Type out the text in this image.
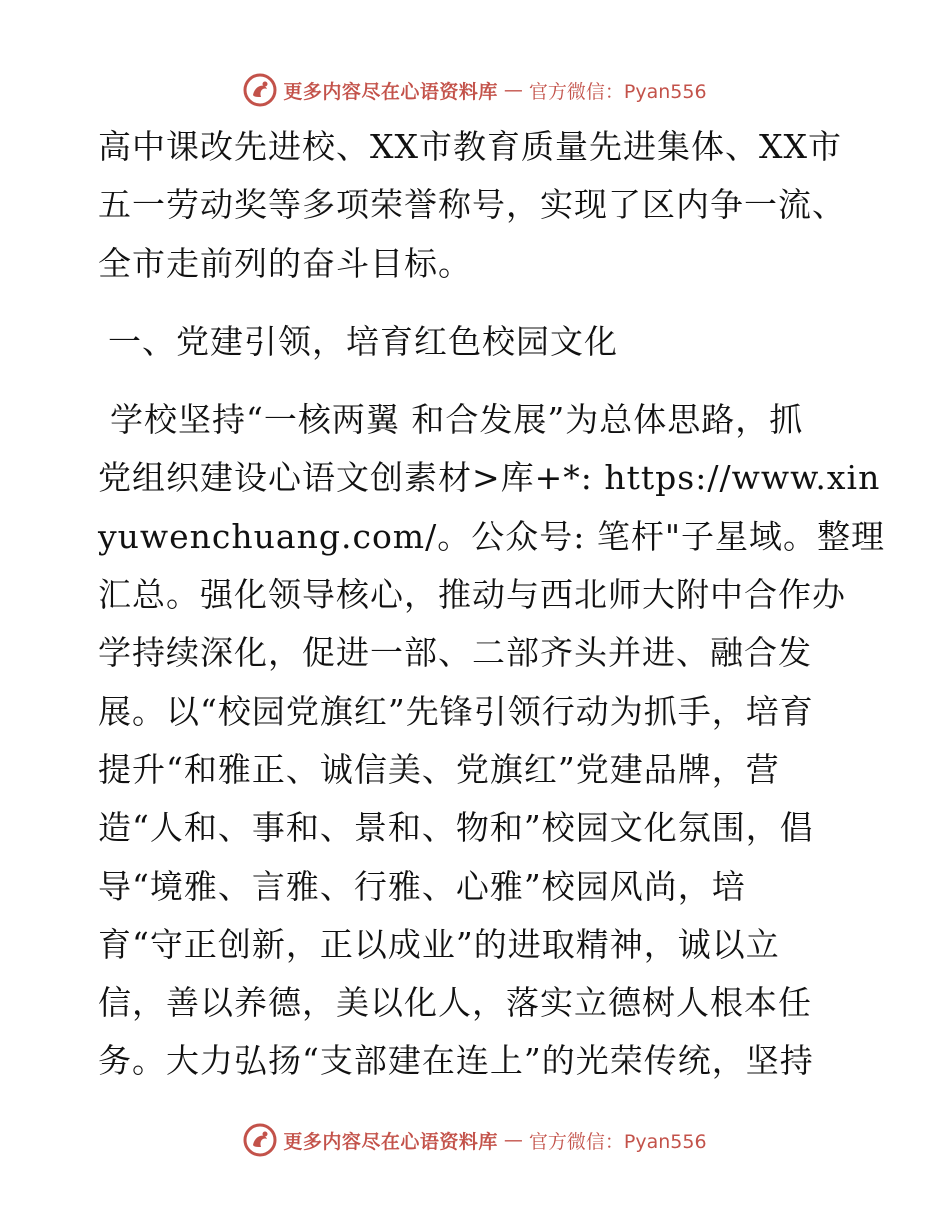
更多内容尽在心语资料库 — 官方微信：Pyan556
高中课改先进校、XX市教育质量先进集体、XX市
五一劳动奖等多项荣誉称号，实现了区内争一流、
全市走前列的奋斗目标。
一、党建引领，培育红色校园文化
学校坚持“一核两翼 和合发展”为总体思路，抓
党组织建设心语文创素材>库+*: https://www.xin
yuwenchuang.com/。公众号: 笔杆"子星域。整理
汇总。强化领导核心，推动与西北师大附中合作办
学持续深化，促进一部、二部齐头并进、融合发
展。以“校园党旗红”先锋引领行动为抓手，培育
提升“和雅正、诚信美、党旗红”党建品牌，营
造“人和、事和、景和、物和”校园文化氛围，倡
导“境雅、言雅、行雅、心雅”校园风尚，培
育“守正创新，正以成业”的进取精神，诚以立
信，善以养德，美以化人，落实立德树人根本任
务。大力弘扬“支部建在连上”的光荣传统，坚持
更多内容尽在心语资料库 — 官方微信：Pyan556
